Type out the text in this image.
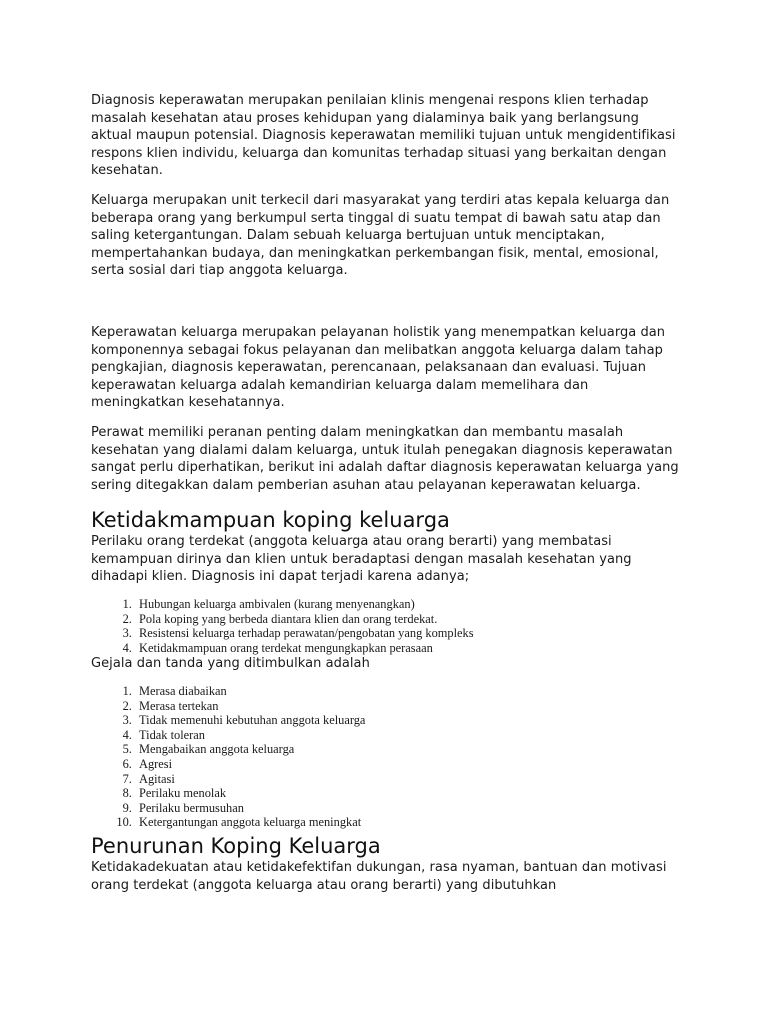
Diagnosis keperawatan merupakan penilaian klinis mengenai respons klien terhadap masalah kesehatan atau proses kehidupan yang dialaminya baik yang berlangsung aktual maupun potensial. Diagnosis keperawatan memiliki tujuan untuk mengidentifikasi respons klien individu, keluarga dan komunitas terhadap situasi yang berkaitan dengan kesehatan.

Keluarga merupakan unit terkecil dari masyarakat yang terdiri atas kepala keluarga dan beberapa orang yang berkumpul serta tinggal di suatu tempat di bawah satu atap dan saling ketergantungan. Dalam sebuah keluarga bertujuan untuk menciptakan, mempertahankan budaya, dan meningkatkan perkembangan fisik, mental, emosional, serta sosial dari tiap anggota keluarga.

Keperawatan keluarga merupakan pelayanan holistik yang menempatkan keluarga dan komponennya sebagai fokus pelayanan dan melibatkan anggota keluarga dalam tahap pengkajian, diagnosis keperawatan, perencanaan, pelaksanaan dan evaluasi. Tujuan keperawatan keluarga adalah kemandirian keluarga dalam memelihara dan meningkatkan kesehatannya.

Perawat memiliki peranan penting dalam meningkatkan dan membantu masalah kesehatan yang dialami dalam keluarga, untuk itulah penegakan diagnosis keperawatan sangat perlu diperhatikan, berikut ini adalah daftar diagnosis keperawatan keluarga yang sering ditegakkan dalam pemberian asuhan atau pelayanan keperawatan keluarga.

Ketidakmampuan koping keluarga

Perilaku orang terdekat (anggota keluarga atau orang berarti) yang membatasi kemampuan dirinya dan klien untuk beradaptasi dengan masalah kesehatan yang dihadapi klien. Diagnosis ini dapat terjadi karena adanya;

1. Hubungan keluarga ambivalen (kurang menyenangkan)
2. Pola koping yang berbeda diantara klien dan orang terdekat.
3. Resistensi keluarga terhadap perawatan/pengobatan yang kompleks
4. Ketidakmampuan orang terdekat mengungkapkan perasaan

Gejala dan tanda yang ditimbulkan adalah

1. Merasa diabaikan
2. Merasa tertekan
3. Tidak memenuhi kebutuhan anggota keluarga
4. Tidak toleran
5. Mengabaikan anggota keluarga
6. Agresi
7. Agitasi
8. Perilaku menolak
9. Perilaku bermusuhan
10. Ketergantungan anggota keluarga meningkat
Penurunan Koping Keluarga

Ketidakadekuatan atau ketidakefektifan dukungan, rasa nyaman, bantuan dan motivasi orang terdekat (anggota keluarga atau orang berarti) yang dibutuhkan
